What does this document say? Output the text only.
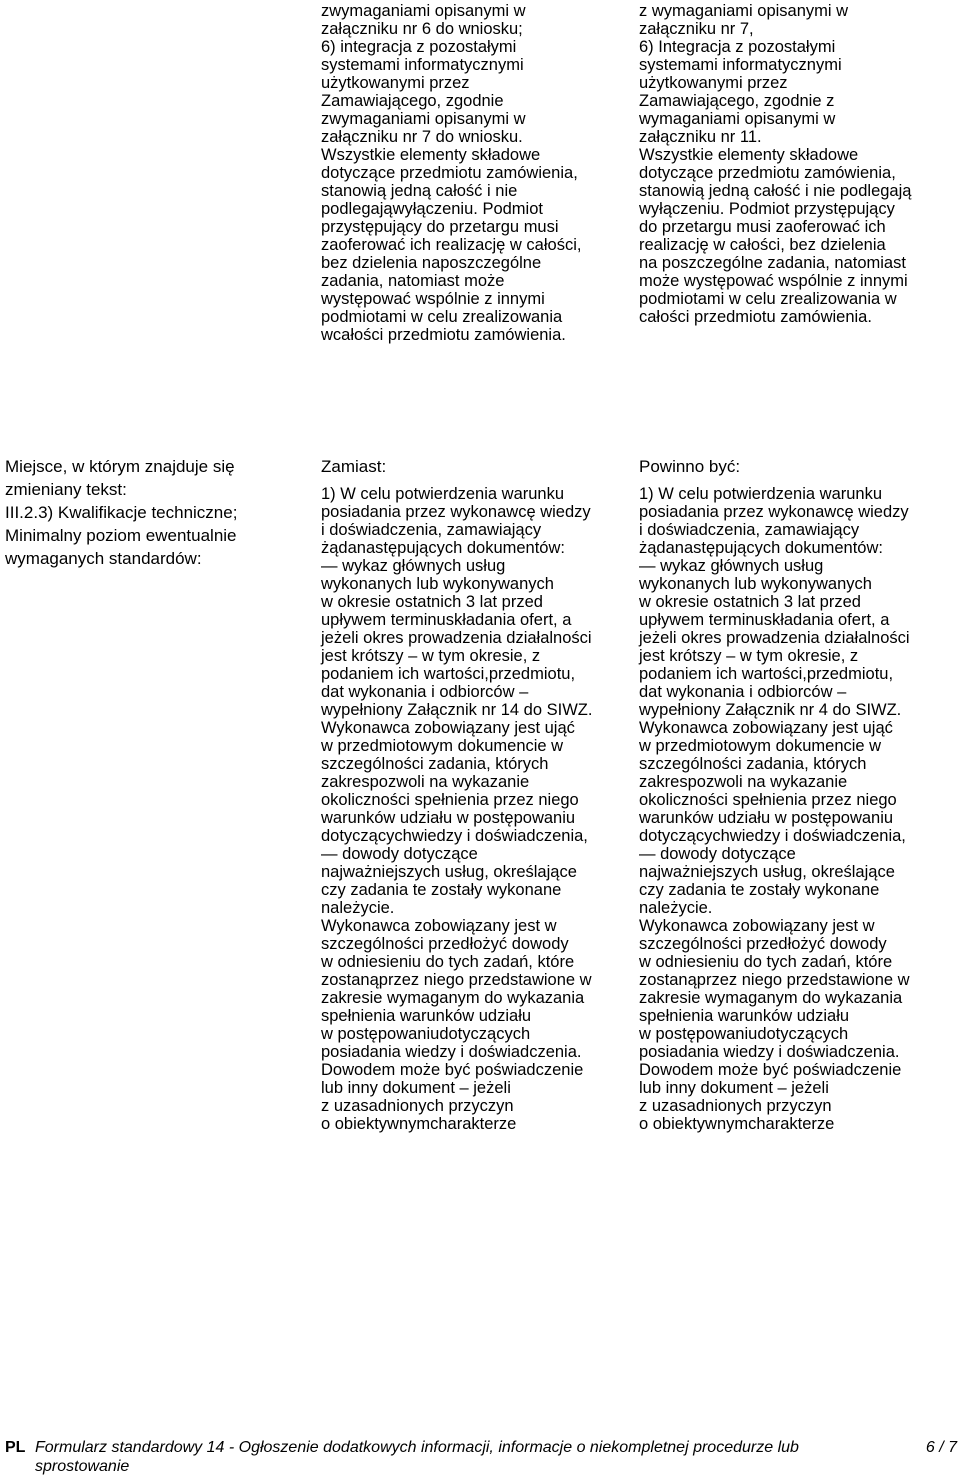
zwymaganiami opisanymi w
załączniku nr 6 do wniosku;
6) integracja z pozostałymi
systemami informatycznymi
użytkowanymi przez
Zamawiającego, zgodnie
zwymaganiami opisanymi w
załączniku nr 7 do wniosku.
Wszystkie elementy składowe
dotyczące przedmiotu zamówienia,
stanowią jedną całość i nie
podlegająwyłączeniu. Podmiot
przystępujący do przetargu musi
zaoferować ich realizację w całości,
bez dzielenia naposzczególne
zadania, natomiast może
występować wspólnie z innymi
podmiotami w celu zrealizowania
wcałości przedmiotu zamówienia.
z wymaganiami opisanymi w
załączniku nr 7,
6) Integracja z pozostałymi
systemami informatycznymi
użytkowanymi przez
Zamawiającego, zgodnie z
wymaganiami opisanymi w
załączniku nr 11.
Wszystkie elementy składowe
dotyczące przedmiotu zamówienia,
stanowią jedną całość i nie podlegają
wyłączeniu. Podmiot przystępujący
do przetargu musi zaoferować ich
realizację w całości, bez dzielenia
na poszczególne zadania, natomiast
może występować wspólnie z innymi
podmiotami w celu zrealizowania w
całości przedmiotu zamówienia.
Miejsce, w którym znajduje się
zmieniany tekst:
III.2.3) Kwalifikacje techniczne;
Minimalny poziom ewentualnie
wymaganych standardów:
Zamiast:	Powinno być:
1) W celu potwierdzenia warunku
posiadania przez wykonawcę wiedzy
i doświadczenia, zamawiający
żądanastępujących dokumentów:
— wykaz głównych usług
wykonanych lub wykonywanych
w okresie ostatnich 3 lat przed
upływem terminuskładania ofert, a
jeżeli okres prowadzenia działalności
jest krótszy – w tym okresie, z
podaniem ich wartości,przedmiotu,
dat wykonania i odbiorców –
wypełniony Załącznik nr 14 do SIWZ.
Wykonawca zobowiązany jest ująć
w przedmiotowym dokumencie w
szczególności zadania, których
zakrespozwoli na wykazanie
okoliczności spełnienia przez niego
warunków udziału w postępowaniu
dotyczącychwiedzy i doświadczenia,
— dowody dotyczące
najważniejszych usług, określające
czy zadania te zostały wykonane
należycie.
Wykonawca zobowiązany jest w
szczególności przedłożyć dowody
w odniesieniu do tych zadań, które
zostanąprzez niego przedstawione w
zakresie wymaganym do wykazania
spełnienia warunków udziału
w postępowaniudotyczących
posiadania wiedzy i doświadczenia.
Dowodem może być poświadczenie
lub inny dokument – jeżeli
z uzasadnionych przyczyn
o obiektywnymcharakterze
1) W celu potwierdzenia warunku
posiadania przez wykonawcę wiedzy
i doświadczenia, zamawiający
żądanastępujących dokumentów:
— wykaz głównych usług
wykonanych lub wykonywanych
w okresie ostatnich 3 lat przed
upływem terminuskładania ofert, a
jeżeli okres prowadzenia działalności
jest krótszy – w tym okresie, z
podaniem ich wartości,przedmiotu,
dat wykonania i odbiorców –
wypełniony Załącznik nr 4 do SIWZ.
Wykonawca zobowiązany jest ująć
w przedmiotowym dokumencie w
szczególności zadania, których
zakrespozwoli na wykazanie
okoliczności spełnienia przez niego
warunków udziału w postępowaniu
dotyczącychwiedzy i doświadczenia,
— dowody dotyczące
najważniejszych usług, określające
czy zadania te zostały wykonane
należycie.
Wykonawca zobowiązany jest w
szczególności przedłożyć dowody
w odniesieniu do tych zadań, które
zostanąprzez niego przedstawione w
zakresie wymaganym do wykazania
spełnienia warunków udziału
w postępowaniudotyczących
posiadania wiedzy i doświadczenia.
Dowodem może być poświadczenie
lub inny dokument – jeżeli
z uzasadnionych przyczyn
o obiektywnymcharakterze
PL Formularz standardowy 14 - Ogłoszenie dodatkowych informacji, informacje o niekompletnej procedurze lub sprostowanie
6 / 7
